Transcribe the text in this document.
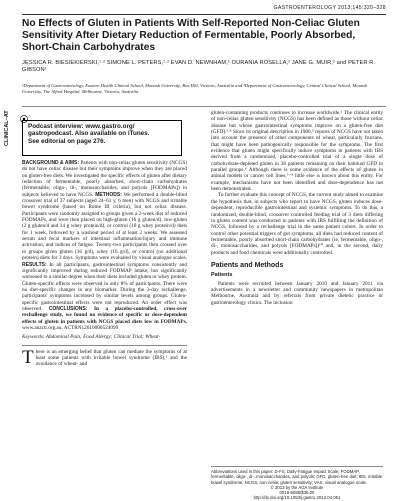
GASTROENTEROLOGY 2013;145:320–328
CLINICAL–AT
No Effects of Gluten in Patients With Self-Reported Non-Celiac Gluten Sensitivity After Dietary Reduction of Fermentable, Poorly Absorbed, Short-Chain Carbohydrates
JESSICA R. BIESIEKIERSKI,¹·² SIMONE L. PETERS,¹·² EVAN D. NEWNHAM,¹ OURANIA ROSELLA,² JANE G. MUIR,² and PETER R. GIBSON¹
¹Department of Gastroenterology, Eastern Health Clinical School, Monash University, Box Hill, Victoria, Australia and ²Department of Gastroenterology, Central Clinical School, Monash University, The Alfred Hospital, Melbourne, Victoria, Australia
Podcast interview: www.gastro.org/
gastropodcast. Also available on iTunes.
See editorial on page 276.

BACKGROUND & AIMS: Patients with non-celiac gluten sensitivity (NCGS) do not have celiac disease but their symptoms improve when they are placed on gluten-free diets. We investigated the specific effects of gluten after dietary reduction of fermentable, poorly absorbed, short-chain carbohydrates (fermentable, oligo-, di-, monosaccharides, and polyols [FODMAPs]) in subjects believed to have NCGS. METHODS: We performed a double-blind crossover trial of 37 subjects (aged 24–61 y, 6 men) with NCGS and irritable bowel syndrome (based on Rome III criteria), but not celiac disease. Participants were randomly assigned to groups given a 2-week diet of reduced FODMAPs, and were then placed on high-gluten (16 g gluten/d), low-gluten (2 g gluten/d and 14 g whey protein/d), or control (16 g whey protein/d) diets for 1 week, followed by a washout period of at least 2 weeks. We assessed serum and fecal markers of intestinal inflammation/injury and immune activation, and indices of fatigue. Twenty-two participants then crossed over to groups given gluten (16 g/d), whey (16 g/d), or control (no additional protein) diets for 3 days. Symptoms were evaluated by visual analogue scales. RESULTS: In all participants, gastrointestinal symptoms consistently and significantly improved during reduced FODMAP intake, but significantly worsened to a similar degree when their diets included gluten or whey protein. Gluten-specific effects were observed in only 8% of participants. There were no diet-specific changes in any biomarker. During the 3-day rechallenge, participants' symptoms increased by similar levels among groups. Gluten-specific gastrointestinal effects were not reproduced. An order effect was observed. CONCLUSIONS: In a placebo-controlled, cross-over rechallenge study, we found no evidence of specific or dose-dependent effects of gluten in patients with NCGS placed diets low in FODMAPs. www.anzctr.org.au. ACTRN12610000524099

Keywords: Abdominal Pain; Food Allergy; Clinical Trial; Wheat-

There is an emerging belief that gluten can mediate the symptoms of at least some patients with irritable bowel syndrome (IBS),¹ and the avoidance of wheat- and

gluten-containing products continues to increase worldwide.² The clinical entity of non-celiac gluten sensitivity (NCGS) has been defined as those without celiac disease but whose gastrointestinal symptoms improve on a gluten-free diet (GFD).³·⁴ Since its original description in 1980,⁵ reports of NCGS have not taken into account the presence of other components of wheat, particularly fructans, that might have been pathogenically responsible for the symptoms. The first evidence that gluten might specifically induce symptoms in patients with IBS derived from a randomized, placebo-controlled trial of a single dose of carbohydrate-depleted gluten in 38 patients remaining on their habitual GFD in parallel groups.⁶ Although there is some evidence of the effects of gluten in animal models or cancer cell lines,⁷⁻⁹ little else is known about this entity. For example, mechanisms have not been identified and dose-dependence has not been demonstrated.

To further evaluate this concept of NCGS, the current study aimed to examine the hypothesis that, in subjects who report to have NCGS, gluten induces dose-dependent, reproducible gastrointestinal and systemic symptoms. To do this, a randomized, double-blind, crossover controlled feeding trial of 3 diets differing in gluten content was conducted in patients with IBS fulfilling the definition of NCGS, followed by a rechallenge trial in the same patient cohort. In order to control other potential triggers of gut symptoms, all diets had reduced content of fermentable, poorly absorbed short-chain carbohydrates (ie, fermentable, oligo-, di-, monosaccharides, and polyols [FODMAPs])¹⁰ and, in the second, dairy products and food chemicals were additionally controlled.

Patients and Methods

Patients

Patients were recruited between January 2010 and January 2011 via advertisements in a newsletter and community newspapers in metropolitan Melbourne, Australia and by referrals from private dietetic practice or gastroenterology clinics. The inclusion

Abbreviations used in this paper: D-FS, Daily-Fatigue Impact Scale; FODMAP, fermentable, oligo-, di-, monosaccharides, and polyols; GFD, gluten-free diet; IBS, irritable bowel syndrome; NCGS, non-celiac gluten sensitivity; VAS, visual analogue scale.
© 2013 by the AGA Institute
0016-5085/$36.00
http://dx.doi.org/10.1053/j.gastro.2013.04.051
